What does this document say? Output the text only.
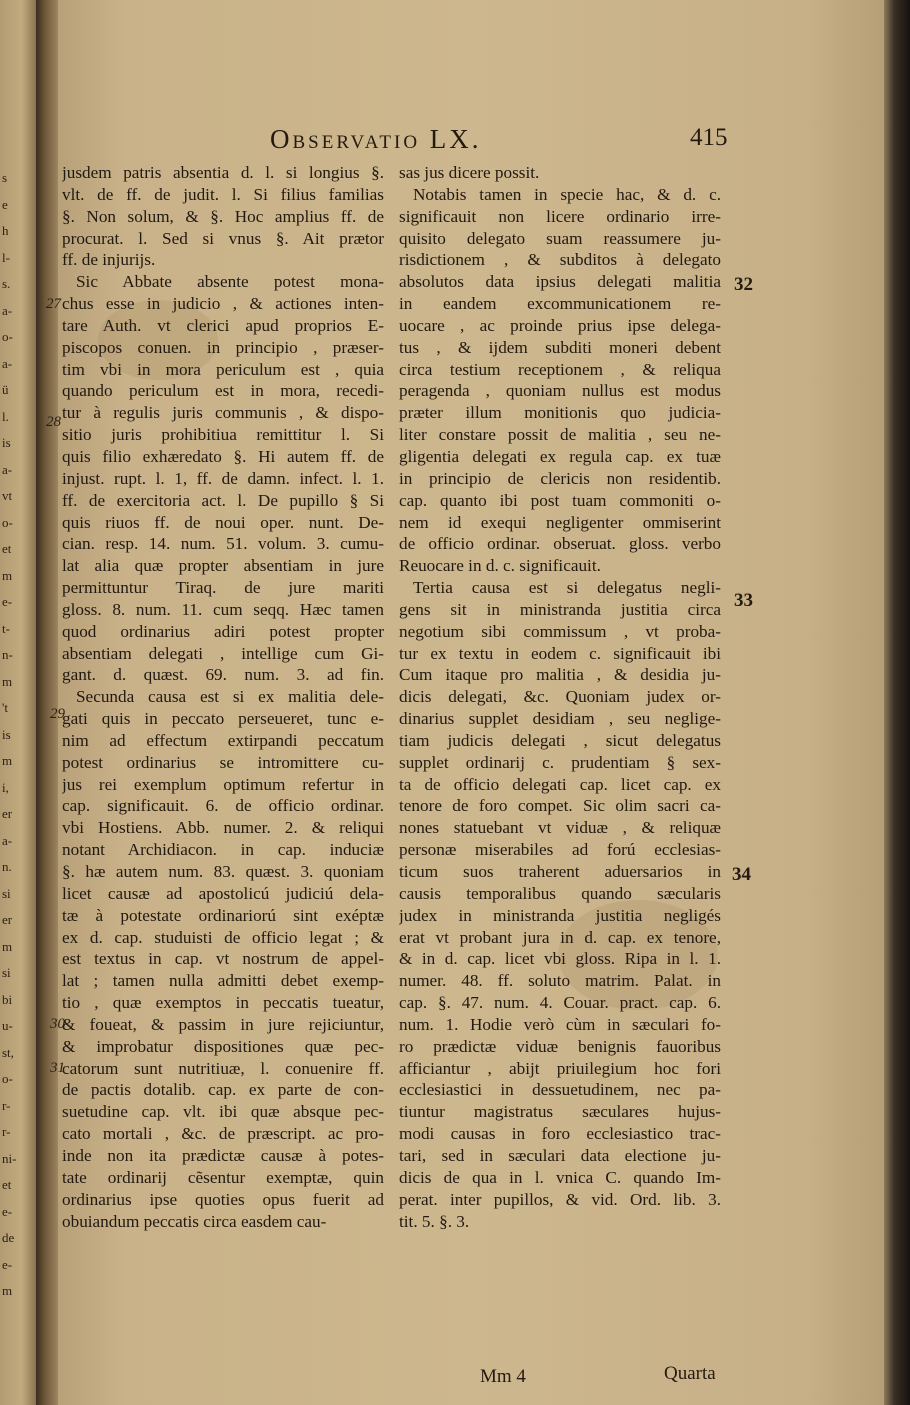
s
e
h
l-
s.
a-
o-
a-
ü
l.
is
a-
vt
o-
et
m
e-
t-
n-
m
't
is
m
i,
er
a-
n.
si
er
m
si
bi
u-
st,
o-
r-
r-
ni-
et
e-
de
e-
m
Observatio LX.	415
jusdem patris absentia d. l. si longius §.
vlt. de ff. de judit. l. Si filius familias
§. Non solum, & §. Hoc amplius ff. de
procurat. l. Sed si vnus §. Ait prætor
ff. de injurijs.
Sic Abbate absente potest mona-
chus esse in judicio , & actiones inten-
tare Auth. vt clerici apud proprios E-
piscopos conuen. in principio , præser-
tim vbi in mora periculum est , quia
quando periculum est in mora, recedi-
tur à regulis juris communis , & dispo-
sitio juris prohibitiua remittitur l. Si
quis filio exhæredato §. Hi autem ff. de
injust. rupt. l. 1, ff. de damn. infect. l. 1.
ff. de exercitoria act. l. De pupillo § Si
quis riuos ff. de noui oper. nunt. De-
cian. resp. 14. num. 51. volum. 3. cumu-
lat alia quæ propter absentiam in jure
permittuntur Tiraq. de jure mariti
gloss. 8. num. 11. cum seqq. Hæc tamen
quod ordinarius adiri potest propter
absentiam delegati , intellige cum Gi-
gant. d. quæst. 69. num. 3. ad fin.
Secunda causa est si ex malitia dele-
gati quis in peccato perseueret, tunc e-
nim ad effectum extirpandi peccatum
potest ordinarius se intromittere cu-
jus rei exemplum optimum refertur in
cap. significauit. 6. de officio ordinar.
vbi Hostiens. Abb. numer. 2. & reliqui
notant Archidiacon. in cap. induciæ
§. hæ autem num. 83. quæst. 3. quoniam
licet causæ ad apostolicú judiciú dela-
tæ à potestate ordinariorú sint exéptæ
ex d. cap. studuisti de officio legat ; &
est textus in cap. vt nostrum de appel-
lat ; tamen nulla admitti debet exemp-
tio , quæ exemptos in peccatis tueatur,
& foueat, & passim in jure rejiciuntur,
& improbatur dispositiones quæ pec-
catorum sunt nutritiuæ, l. conuenire ff.
de pactis dotalib. cap. ex parte de con-
suetudine cap. vlt. ibi quæ absque pec-
cato mortali , &c. de præscript. ac pro-
inde non ita prædictæ causæ à potes-
tate ordinarij cẽsentur exemptæ, quin
ordinarius ipse quoties opus fuerit ad
obuiandum peccatis circa easdem cau-
sas jus dicere possit.
Notabis tamen in specie hac, & d. c.
significauit non licere ordinario irre-
quisito delegato suam reassumere ju-
risdictionem , & subditos à delegato
absolutos data ipsius delegati malitia
in eandem excommunicationem re-
uocare , ac proinde prius ipse delega-
tus , & ijdem subditi moneri debent
circa testium receptionem , & reliqua
peragenda , quoniam nullus est modus
præter illum monitionis quo judicia-
liter constare possit de malitia , seu ne-
gligentia delegati ex regula cap. ex tuæ
in principio de clericis non residentib.
cap. quanto ibi post tuam commoniti o-
nem id exequi negligenter ommiserint
de officio ordinar. obseruat. gloss. verbo
Reuocare in d. c. significauit.
Tertia causa est si delegatus negli-
gens sit in ministranda justitia circa
negotium sibi commissum , vt proba-
tur ex textu in eodem c. significauit ibi
Cum itaque pro malitia , & desidia ju-
dicis delegati, &c. Quoniam judex or-
dinarius supplet desidiam , seu neglige-
tiam judicis delegati , sicut delegatus
supplet ordinarij c. prudentiam § sex-
ta de officio delegati cap. licet cap. ex
tenore de foro compet. Sic olim sacri ca-
nones statuebant vt viduæ , & reliquæ
personæ miserabiles ad forú ecclesias-
ticum suos traherent aduersarios in
causis temporalibus quando sæcularis
judex in ministranda justitia negligés
erat vt probant jura in d. cap. ex tenore,
& in d. cap. licet vbi gloss. Ripa in l. 1.
numer. 48. ff. soluto matrim. Palat. in
cap. §. 47. num. 4. Couar. pract. cap. 6.
num. 1. Hodie verò cùm in sæculari fo-
ro prædictæ viduæ benignis fauoribus
afficiantur , abijt priuilegium hoc fori
ecclesiastici in dessuetudinem, nec pa-
tiuntur magistratus sæculares hujus-
modi causas in foro ecclesiastico trac-
tari, sed in sæculari data electione ju-
dicis de qua in l. vnica C. quando Im-
perat. inter pupillos, & vid. Ord. lib. 3.
tit. 5. §. 3.
27
28
29
30
31
32
33
34
Mm 4	Quarta
